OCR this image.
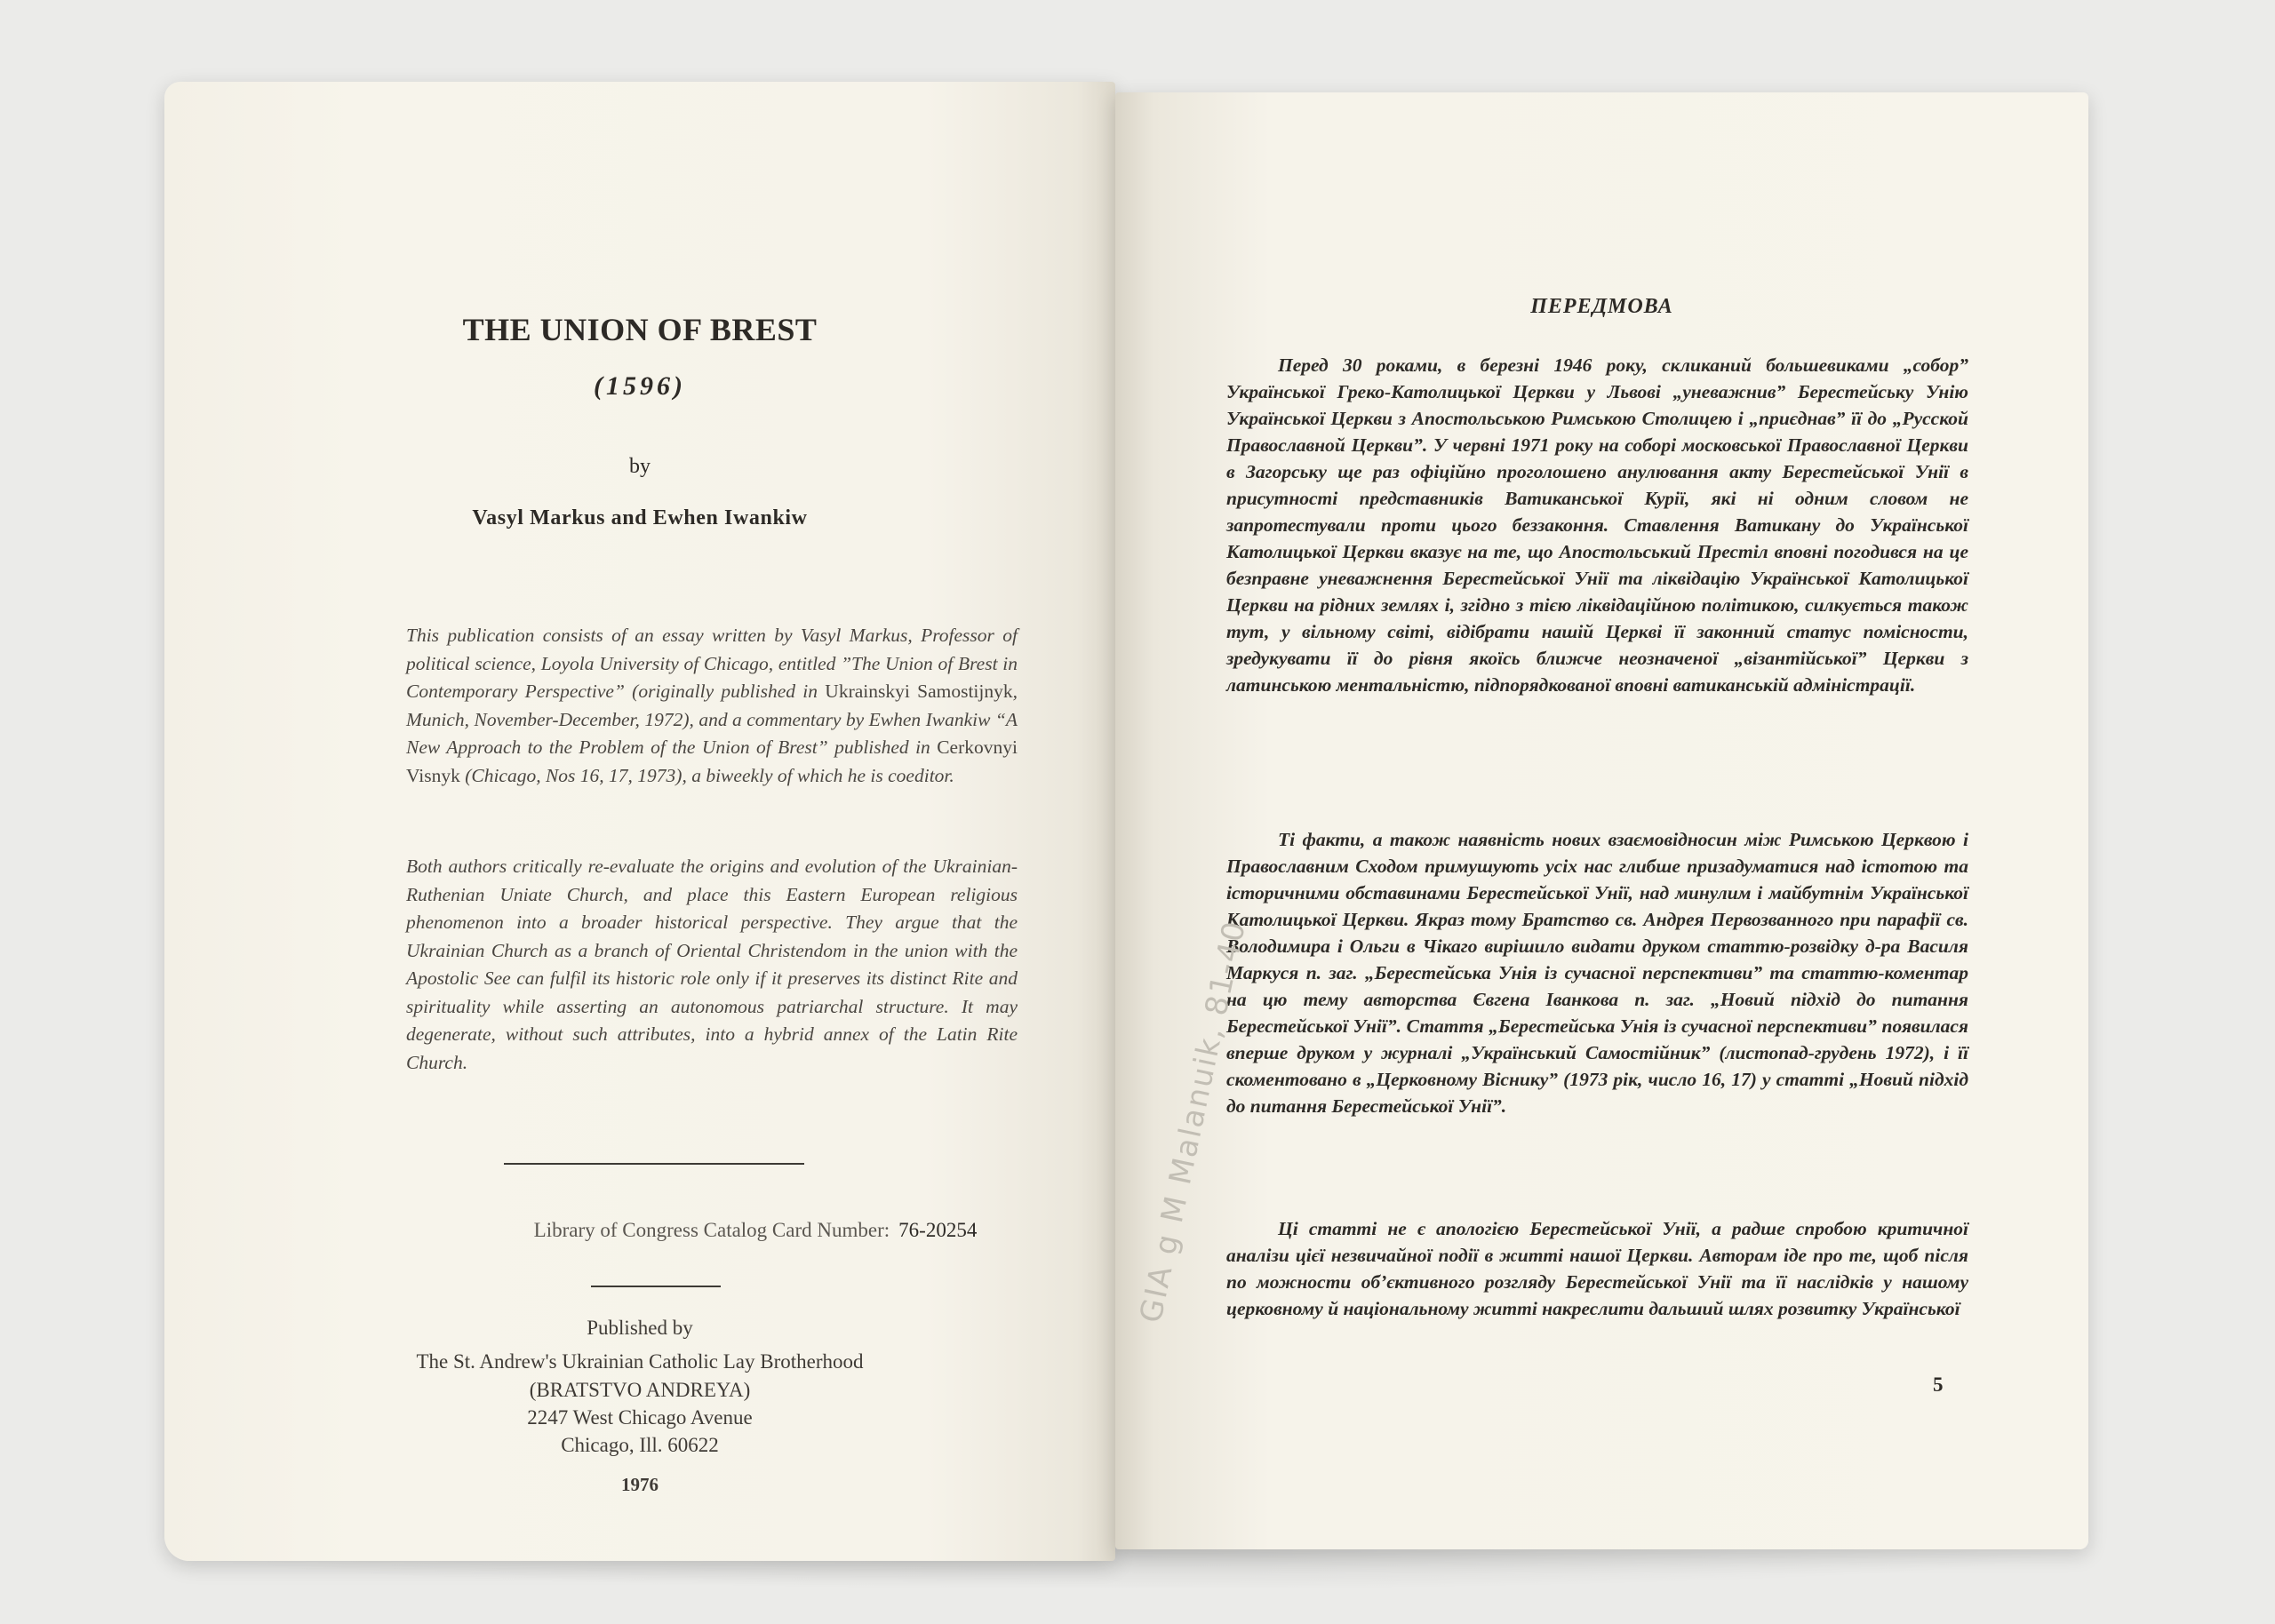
THE UNION OF BREST
(1596)
by
Vasyl Markus and Ewhen Iwankiw

This publication consists of an essay written by Vasyl Markus, Professor of political science, Loyola University of Chicago, entitled ”The Union of Brest in Contemporary Perspective” (originally published in Ukrainskyi Samostijnyk, Munich, November-December, 1972), and a commentary by Ewhen Iwankiw “A New Approach to the Problem of the Union of Brest” published in Cerkovnyi Visnyk (Chicago, Nos 16, 17, 1973), a biweekly of which he is coeditor.

Both authors critically re-evaluate the origins and evolution of the Ukrainian-Ruthenian Uniate Church, and place this Eastern European religious phenomenon into a broader historical perspective. They argue that the Ukrainian Church as a branch of Oriental Christendom in the union with the Apostolic See can fulfil its historic role only if it preserves its distinct Rite and spirituality while asserting an autonomous patriarchal structure. It may degenerate, without such attributes, into a hybrid annex of the Latin Rite Church.

Library of Congress Catalog Card Number: 76-20254
Published by
The St. Andrew's Ukrainian Catholic Lay Brotherhood
(BRATSTVO ANDREYA)
2247 West Chicago Avenue
Chicago, Ill. 60622
1976
ПЕРЕДМОВА

Перед 30 роками, в березні 1946 року, скликаний большевиками „собор” Української Греко-Католицької Церкви у Львові „уневажнив” Берестейську Унію Української Церкви з Апостольською Римською Столицею і „приєднав” її до „Русской Православной Церкви”. У червні 1971 року на соборі московської Православної Церкви в Загорську ще раз офіційно проголошено анулювання акту Берестейської Унії в присутності представників Ватиканської Курії, які ні одним словом не запротестували проти цього беззаконня. Ставлення Ватикану до Української Католицької Церкви вказує на те, що Апостольський Престіл вповні погодився на це безправне уневажнення Берестейської Унії та ліквідацію Української Католицької Церкви на рідних землях і, згідно з тією ліквідаційною політикою, силкується також тут, у вільному світі, відібрати нашій Церкві її законний статус помісности, зредукувати її до рівня якоїсь ближче неозначеної „візантійської” Церкви з латинською ментальністю, підпорядкованої вповні ватиканській адміністрації.

Ті факти, а також наявність нових взаємовідносин між Римською Церквою і Православним Сходом примушують усіх нас глибше призадуматися над істотою та історичними обставинами Берестейської Унії, над минулим і майбутнім Української Католицької Церкви. Якраз тому Братство св. Андрея Первозванного при парафії св. Володимира і Ольги в Чікаго вирішило видати друком статтю-розвідку д-ра Василя Маркуся п. заг. „Берестейська Унія із сучасної перспективи” та статтю-коментар на цю тему авторства Євгена Іванкова п. заг. „Новий підхід до питання Берестейської Унії”. Стаття „Берестейська Унія із сучасної перспективи” появилася вперше друком у журналі „Український Самостійник” (листопад-грудень 1972), і її скоментовано в „Церковному Віснику” (1973 рік, число 16, 17) у статті „Новий підхід до питання Берестейської Унії”.

Ці статті не є апологією Берестейської Унії, а радше спробою критичної аналізи цієї незвичайної події в житті нашої Церкви. Авторам іде про те, щоб після по можности об’єктивного розгляду Берестейської Унії та її наслідків у нашому церковному й національному житті накреслити дальший шлях розвитку Української

5
GIA g M Malanuik, 81-40
